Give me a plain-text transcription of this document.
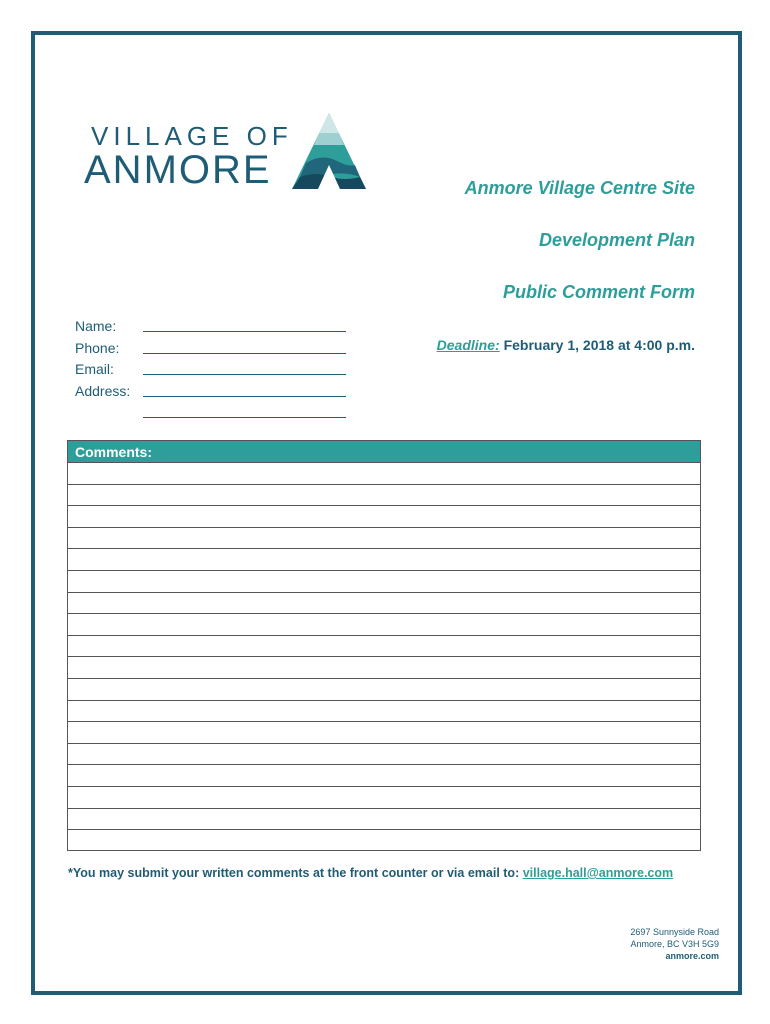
VILLAGE OF
ANMORE	Anmore Village Centre Site
Development Plan
Public Comment Form
Deadline: February 1, 2018 at 4:00 p.m.
Name:
Phone:
Email:
Address:
Comments:
*You may submit your written comments at the front counter or via email to: village.hall@anmore.com
2697 Sunnyside Road
Anmore, BC V3H 5G9
anmore.com
